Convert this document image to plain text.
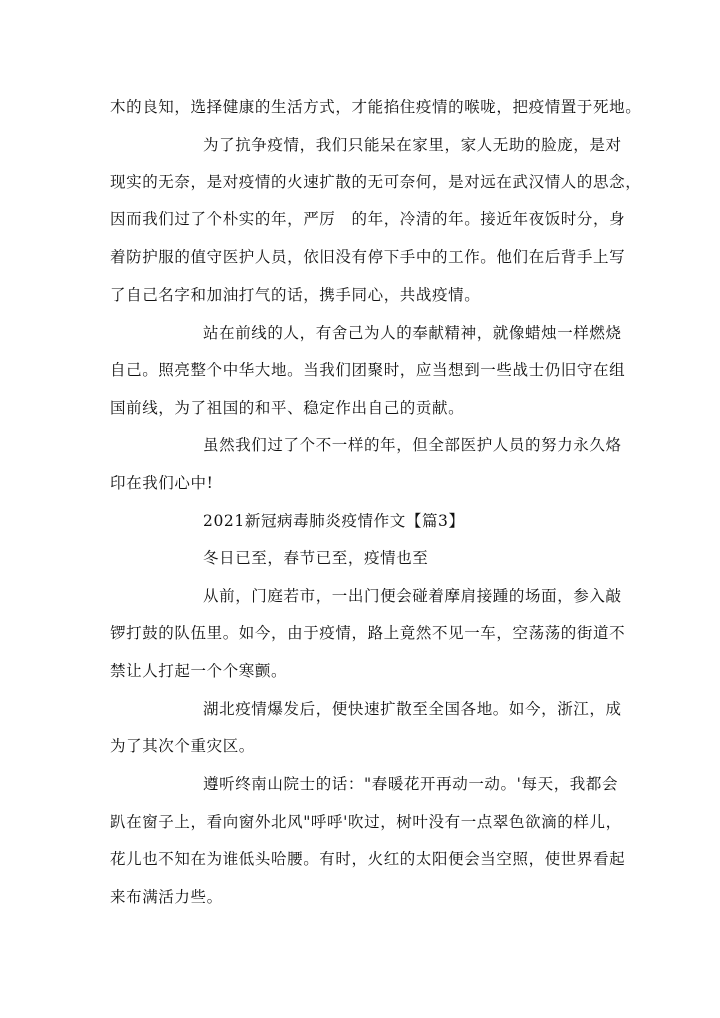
木的良知，选择健康的生活方式，才能掐住疫情的喉咙，把疫情置于死地。
为了抗争疫情，我们只能呆在家里，家人无助的脸庞，是对
现实的无奈，是对疫情的火速扩散的无可奈何，是对远在武汉情人的思念，
因而我们过了个朴实的年，严厉　的年，冷清的年。接近年夜饭时分，身
着防护服的值守医护人员，依旧没有停下手中的工作。他们在后背手上写
了自己名字和加油打气的话，携手同心，共战疫情。
站在前线的人，有舍己为人的奉献精神，就像蜡烛一样燃烧
自己。照亮整个中华大地。当我们团聚时，应当想到一些战士仍旧守在组
国前线，为了祖国的和平、稳定作出自己的贡献。
虽然我们过了个不一样的年，但全部医护人员的努力永久烙
印在我们心中!
2021新冠病毒肺炎疫情作文【篇3】
冬日已至，春节已至，疫情也至
从前，门庭若市，一出门便会碰着摩肩接踵的场面，参入敲
锣打鼓的队伍里。如今，由于疫情，路上竟然不见一车，空荡荡的街道不
禁让人打起一个个寒颤。
湖北疫情爆发后，便快速扩散至全国各地。如今，浙江，成
为了其次个重灾区。
遵听终南山院士的话："春暖花开再动一动。'每天，我都会
趴在窗子上，看向窗外北风"呼呼'吹过，树叶没有一点翠色欲滴的样儿，
花儿也不知在为谁低头哈腰。有时，火红的太阳便会当空照，使世界看起
来布满活力些。
